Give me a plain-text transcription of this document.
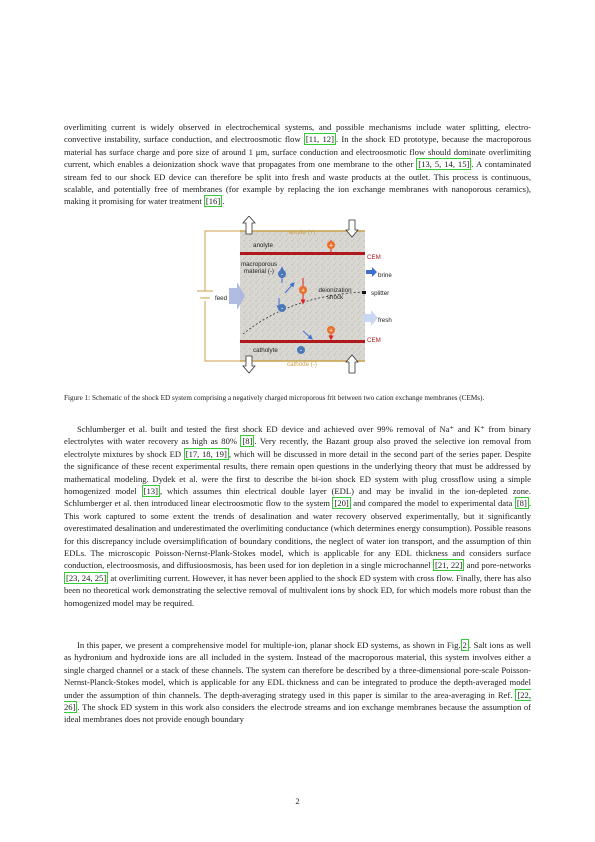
overlimiting current is widely observed in electrochemical systems, and possible mechanisms include water splitting, electro-convective instability, surface conduction, and electroosmotic flow [11, 12] . In the shock ED prototype, because the macroporous material has surface charge and pore size of around 1 μm, surface conduction and electroosmotic flow should dominate overlimiting current, which enables a deionization shock wave that propagates from one membrane to the other [13, 5, 14, 15] . A contaminated stream fed to our shock ED device can therefore be split into fresh and waste products at the outlet. This process is continuous, scalable, and potentially free of membranes (for example by replacing the ion exchange membranes with nanoporous ceramics), making it promising for water treatment [16] .

+
+
+
-
-
-
anode (+)
cathode (-)
anolyte
catholyte
macroporous
material (-)
deionization
shock
CEM
CEM
brine
splitter
fresh
feed
Figure 1: Schematic of the shock ED system comprising a negatively charged microporous frit between two cation exchange membranes (CEMs).

Schlumberger et al. built and tested the first shock ED device and achieved over 99% removal of Na⁺ and K⁺ from binary electrolytes with water recovery as high as 80% [8] . Very recently, the Bazant group also proved the selective ion removal from electrolyte mixtures by shock ED [17, 18, 19] , which will be discussed in more detail in the second part of the series paper. Despite the significance of these recent experimental results, there remain open questions in the underlying theory that must be addressed by mathematical modeling. Dydek et al. were the first to describe the bi-ion shock ED system with plug crossflow using a simple homogenized model [13] , which assumes thin electrical double layer (EDL) and may be invalid in the ion-depleted zone. Schlumberger et al. then introduced linear electroosmotic flow to the system [20] and compared the model to experimental data [8] . This work captured to some extent the trends of desalination and water recovery observed experimentally, but it significantly overestimated desalination and underestimated the overlimiting conductance (which determines energy consumption). Possible reasons for this discrepancy include oversimplification of boundary conditions, the neglect of water ion transport, and the assumption of thin EDLs. The microscopic Poisson-Nernst-Plank-Stokes model, which is applicable for any EDL thickness and considers surface conduction, electroosmosis, and diffusioosmosis, has been used for ion depletion in a single microchannel [21, 22] and pore-networks [23, 24, 25] at overlimiting current. However, it has never been applied to the shock ED system with cross flow. Finally, there has also been no theoretical work demonstrating the selective removal of multivalent ions by shock ED, for which models more robust than the homogenized model may be required.

In this paper, we present a comprehensive model for multiple-ion, planar shock ED systems, as shown in Fig. 2 . Salt ions as well as hydronium and hydroxide ions are all included in the system. Instead of the macroporous material, this system involves either a single charged channel or a stack of these channels. The system can therefore be described by a three-dimensional pore-scale Poisson-Nernst-Planck-Stokes model, which is applicable for any EDL thickness and can be integrated to produce the depth-averaged model under the assumption of thin channels. The depth-averaging strategy used in this paper is similar to the area-averaging in Ref. [22, 26] . The shock ED system in this work also considers the electrode streams and ion exchange membranes because the assumption of ideal membranes does not provide enough boundary

2
